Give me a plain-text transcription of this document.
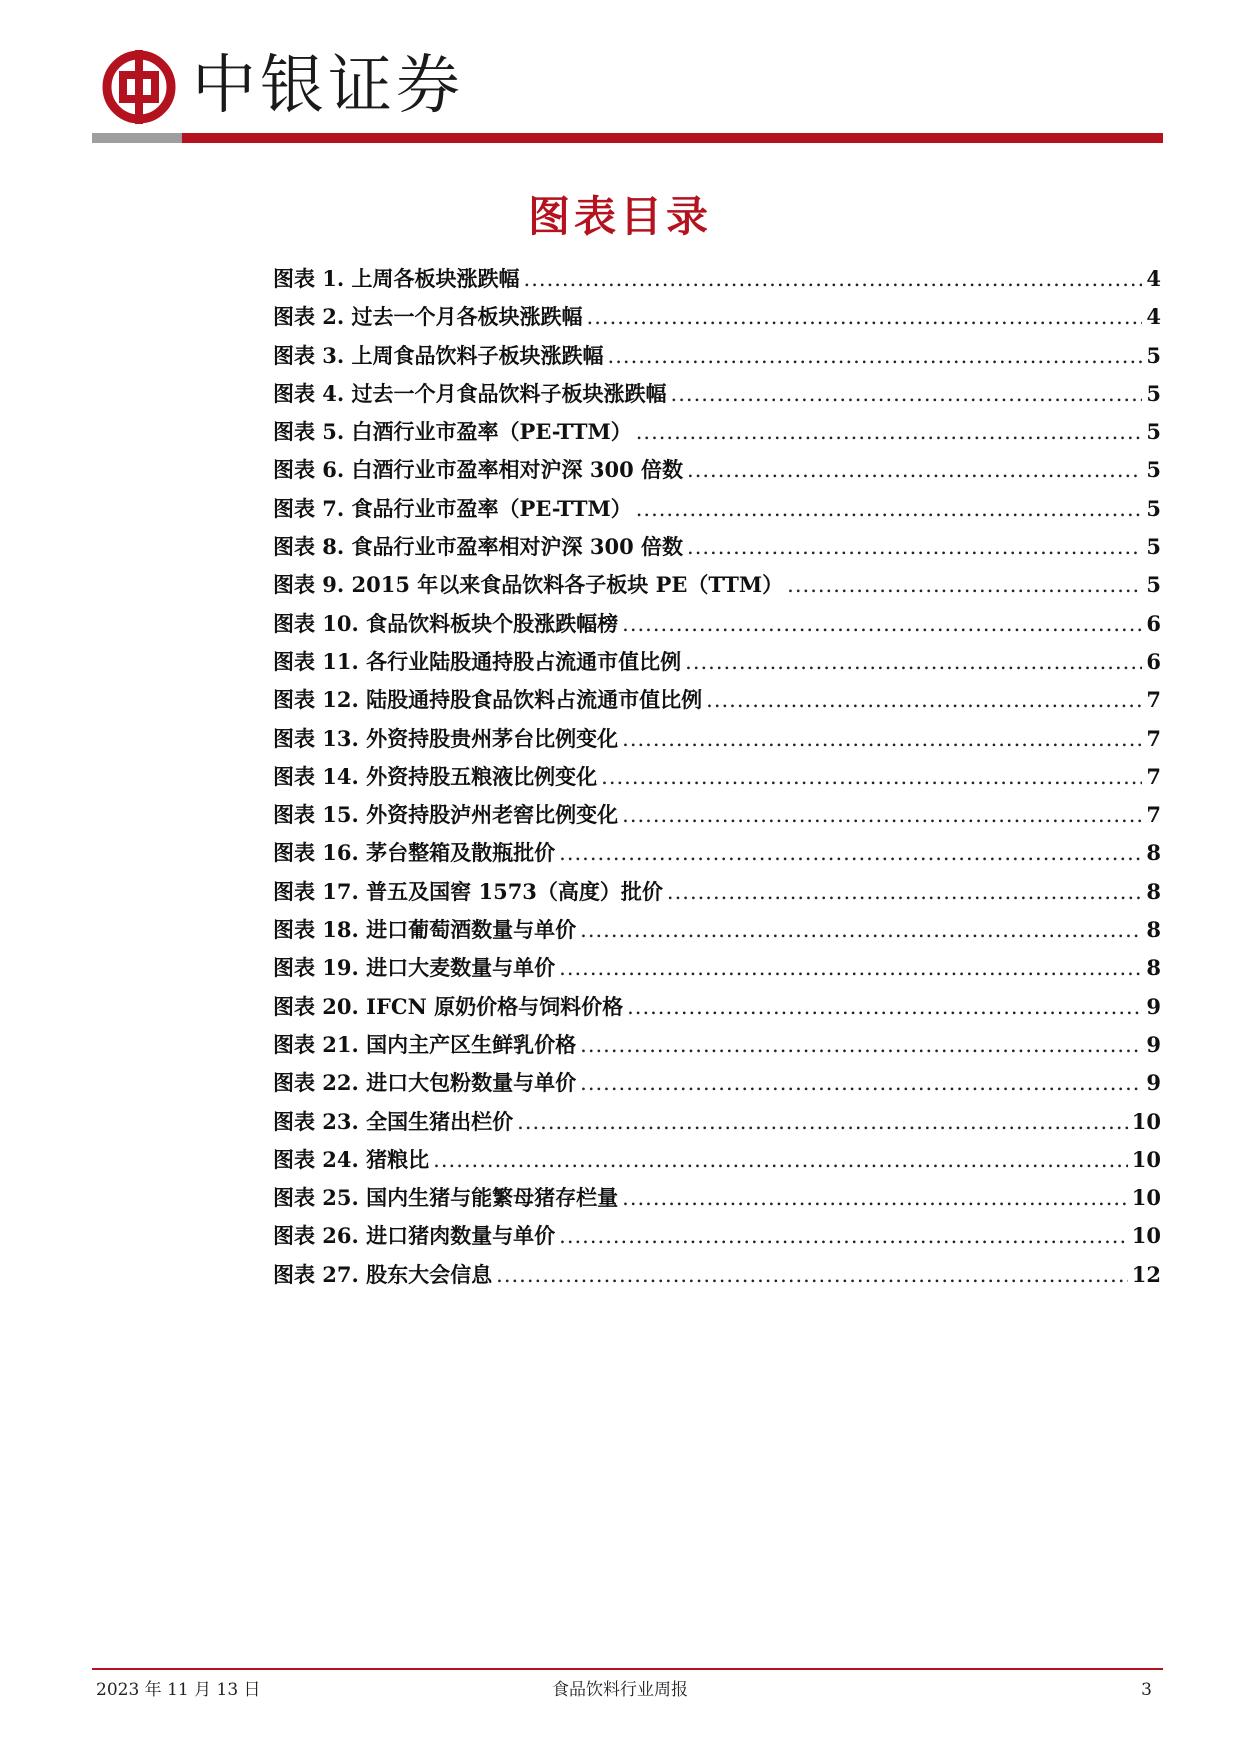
中银证券
图表目录
图表 1. 上周各板块涨跌幅 .....	4
图表 2. 过去一个月各板块涨跌幅 .....	4
图表 3. 上周食品饮料子板块涨跌幅 .....	5
图表 4. 过去一个月食品饮料子板块涨跌幅 .....	5
图表 5. 白酒行业市盈率（PE-TTM） .....	5
图表 6. 白酒行业市盈率相对沪深 300 倍数 .....	5
图表 7. 食品行业市盈率（PE-TTM） .....	5
图表 8. 食品行业市盈率相对沪深 300 倍数 .....	5
图表 9. 2015 年以来食品饮料各子板块 PE（TTM） .....	5
图表 10. 食品饮料板块个股涨跌幅榜 .....	6
图表 11. 各行业陆股通持股占流通市值比例 .....	6
图表 12. 陆股通持股食品饮料占流通市值比例 .....	7
图表 13. 外资持股贵州茅台比例变化 .....	7
图表 14. 外资持股五粮液比例变化 .....	7
图表 15. 外资持股泸州老窖比例变化 .....	7
图表 16. 茅台整箱及散瓶批价 .....	8
图表 17. 普五及国窖 1573（高度）批价 .....	8
图表 18. 进口葡萄酒数量与单价 .....	8
图表 19. 进口大麦数量与单价 .....	8
图表 20. IFCN 原奶价格与饲料价格 .....	9
图表 21. 国内主产区生鲜乳价格 .....	9
图表 22. 进口大包粉数量与单价 .....	9
图表 23. 全国生猪出栏价 .....	10
图表 24. 猪粮比 .....	10
图表 25. 国内生猪与能繁母猪存栏量 .....	10
图表 26. 进口猪肉数量与单价 .....	10
图表 27. 股东大会信息 .....	12
2023 年 11 月 13 日	食品饮料行业周报	3
